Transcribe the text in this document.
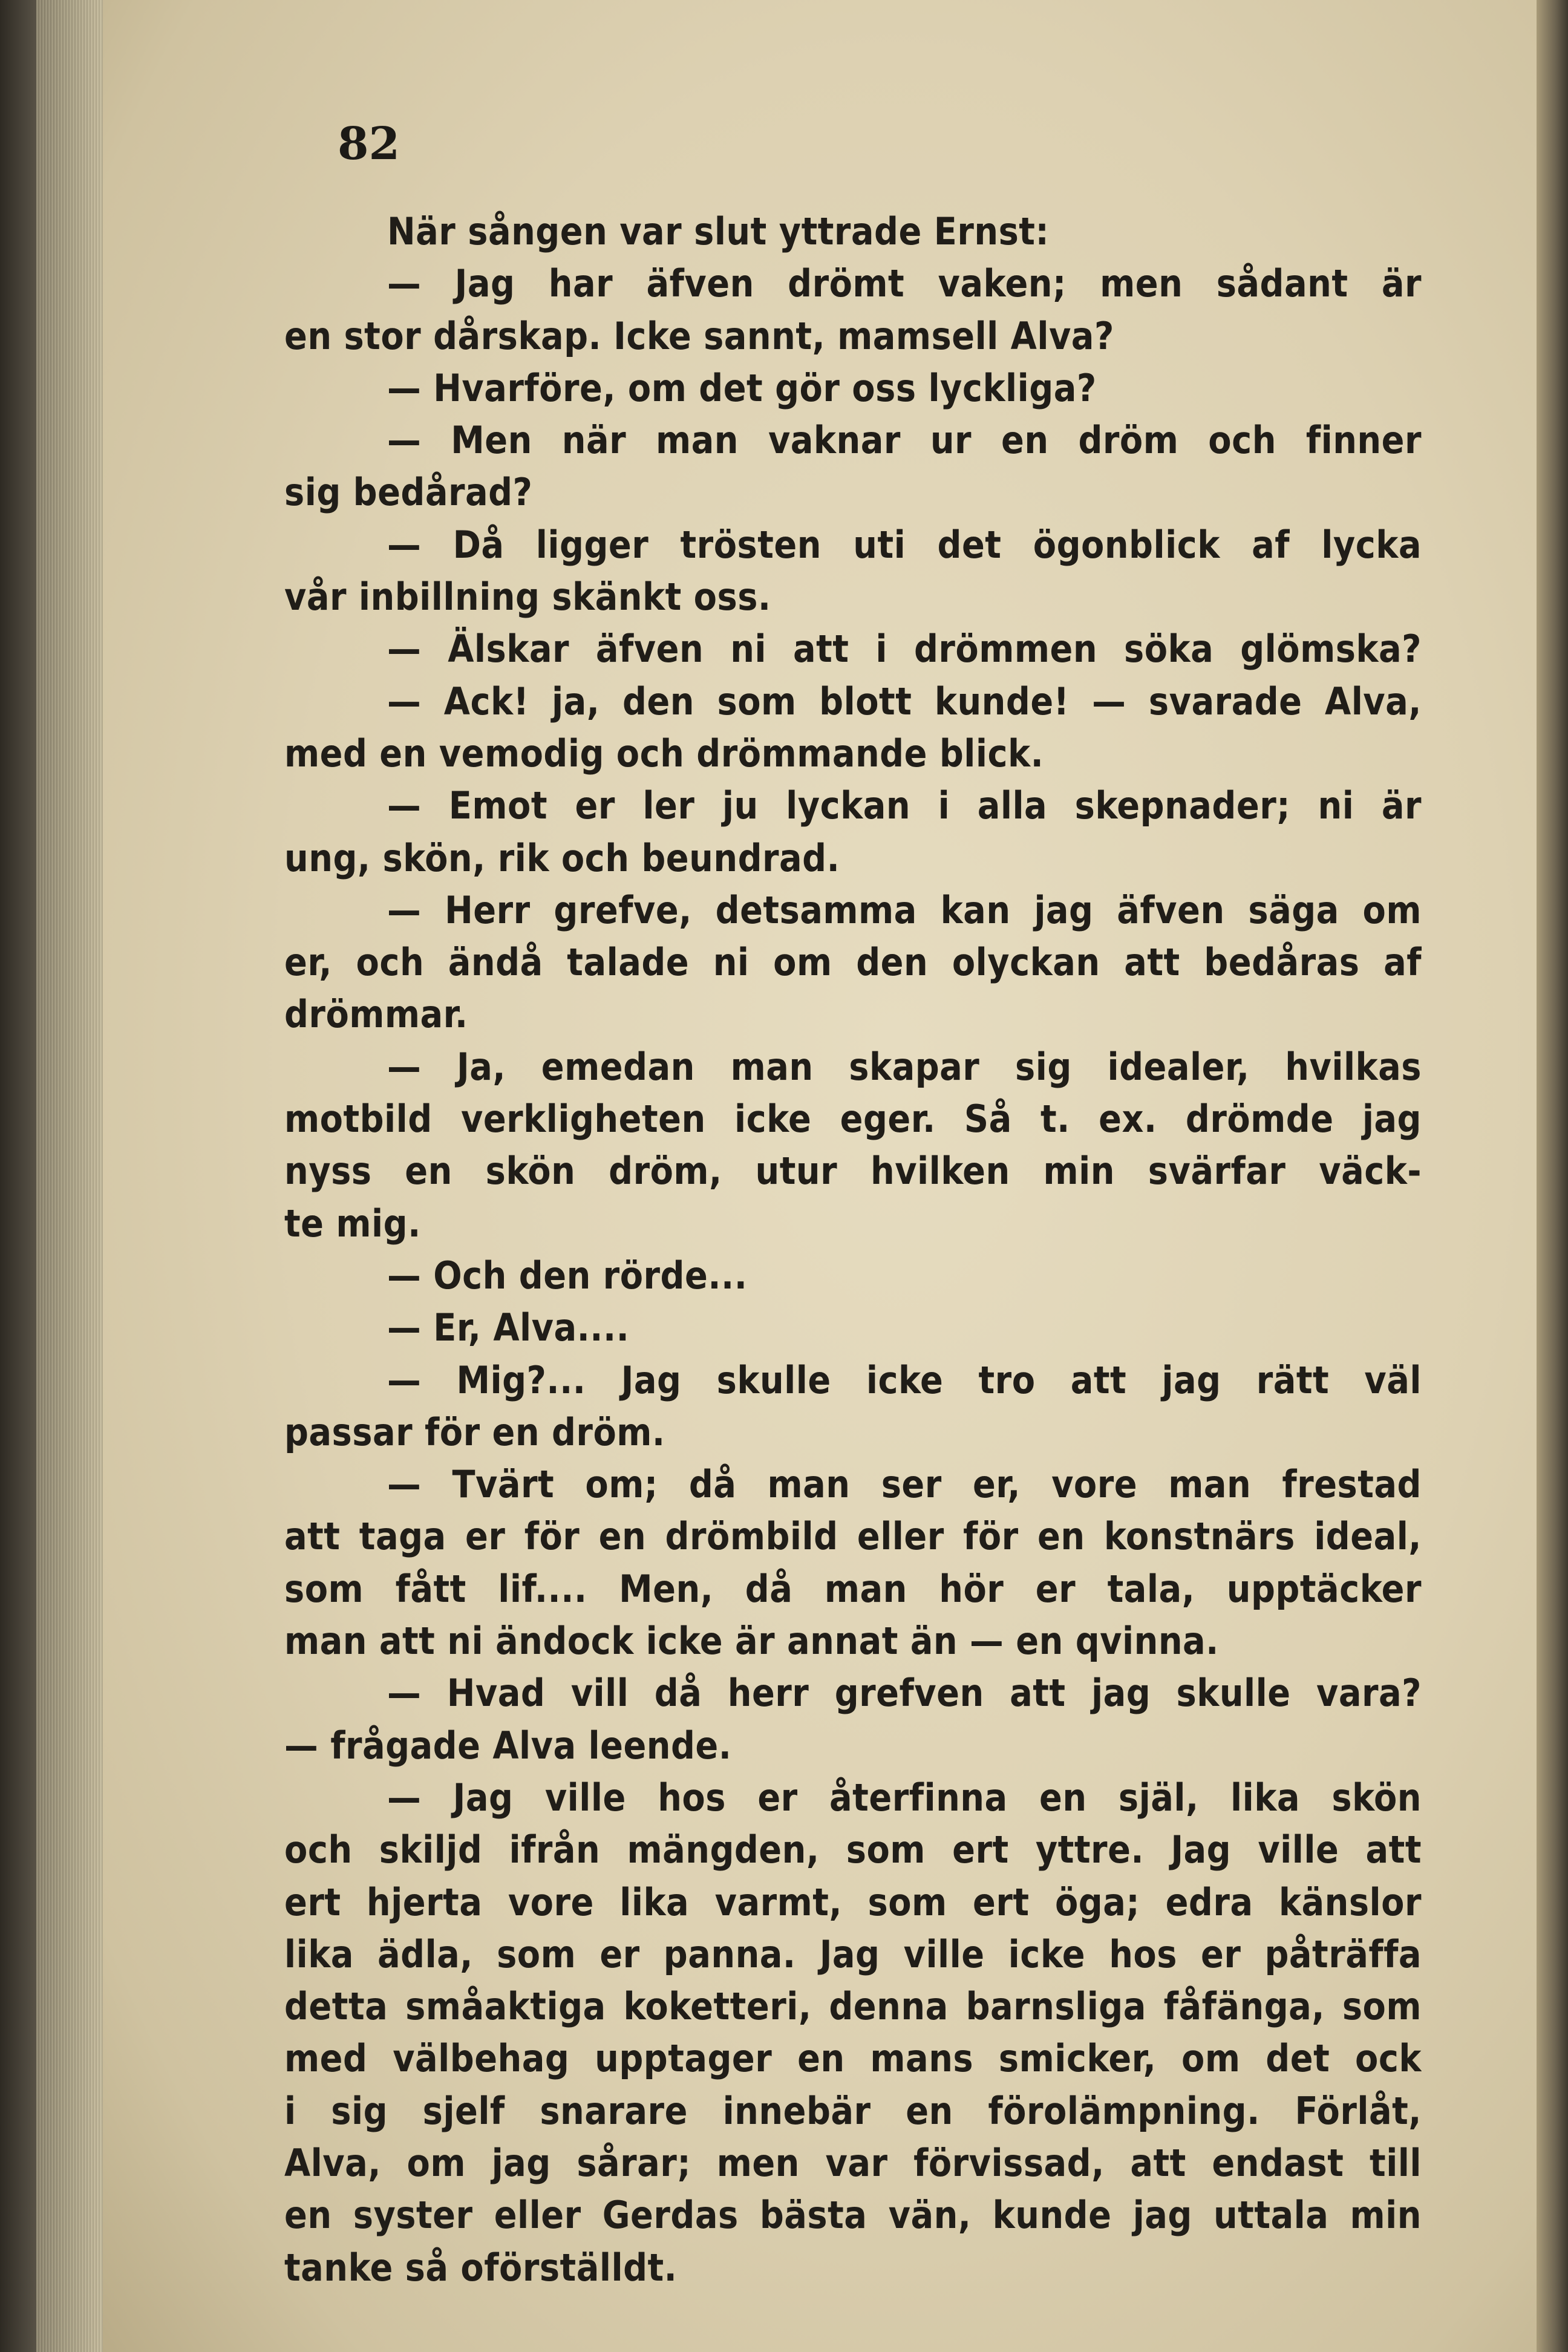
82
När sången var slut yttrade Ernst:
— Jag har äfven drömt vaken; men sådant är
en stor dårskap. Icke sannt, mamsell Alva?
— Hvarföre, om det gör oss lyckliga?
— Men när man vaknar ur en dröm och finner
sig bedårad?
— Då ligger trösten uti det ögonblick af lycka
vår inbillning skänkt oss.
— Älskar äfven ni att i drömmen söka glömska?
— Ack! ja, den som blott kunde! — svarade Alva,
med en vemodig och drömmande blick.
— Emot er ler ju lyckan i alla skepnader; ni är
ung, skön, rik och beundrad.
— Herr grefve, detsamma kan jag äfven säga om
er, och ändå talade ni om den olyckan att bedåras af
drömmar.
— Ja, emedan man skapar sig idealer, hvilkas
motbild verkligheten icke eger. Så t. ex. drömde jag
nyss en skön dröm, utur hvilken min svärfar väck-
te mig.
— Och den rörde...
— Er, Alva....
— Mig?... Jag skulle icke tro att jag rätt väl
passar för en dröm.
— Tvärt om; då man ser er, vore man frestad
att taga er för en drömbild eller för en konstnärs ideal,
som fått lif.... Men, då man hör er tala, upptäcker
man att ni ändock icke är annat än — en qvinna.
— Hvad vill då herr grefven att jag skulle vara?
— frågade Alva leende.
— Jag ville hos er återfinna en själ, lika skön
och skiljd ifrån mängden, som ert yttre. Jag ville att
ert hjerta vore lika varmt, som ert öga; edra känslor
lika ädla, som er panna. Jag ville icke hos er påträffa
detta småaktiga koketteri, denna barnsliga fåfänga, som
med välbehag upptager en mans smicker, om det ock
i sig sjelf snarare innebär en förolämpning. Förlåt,
Alva, om jag sårar; men var förvissad, att endast till
en syster eller Gerdas bästa vän, kunde jag uttala min
tanke så oförställdt.
